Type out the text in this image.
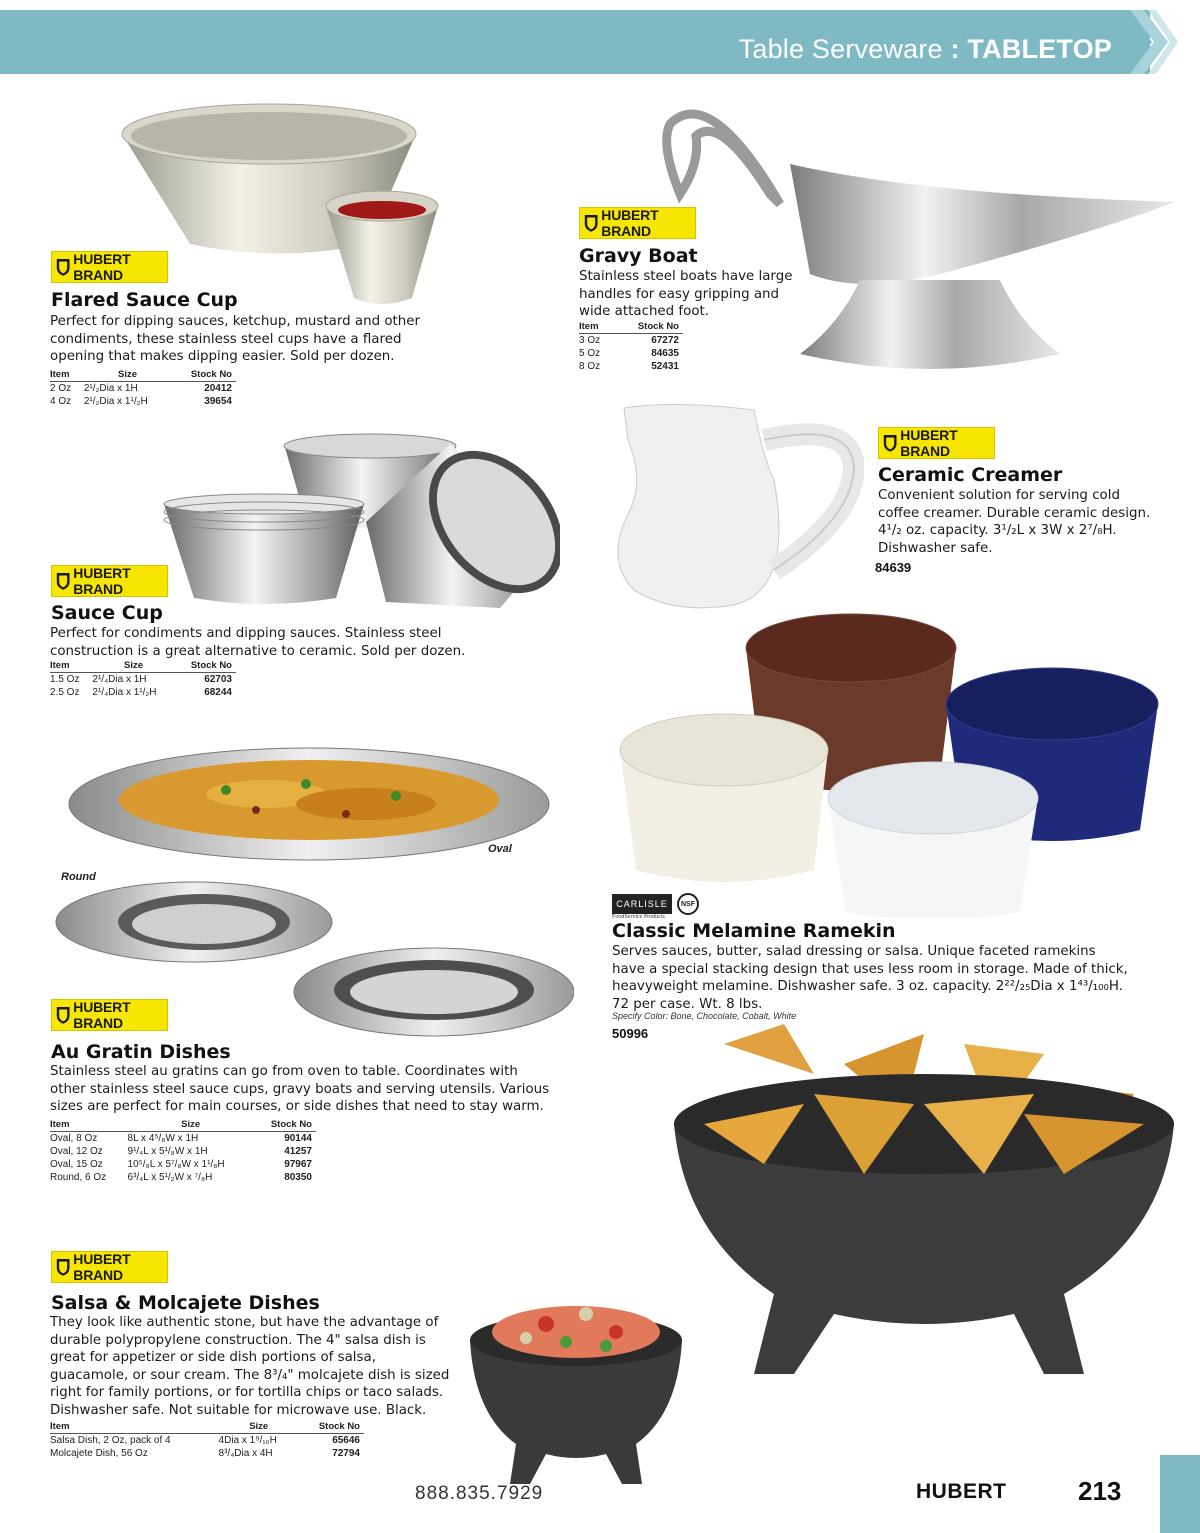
Table Serveware : TABLETOP
HUBERT BRAND
Flared Sauce Cup
Perfect for dipping sauces, ketchup, mustard and other condiments, these stainless steel cups have a flared opening that makes dipping easier. Sold per dozen.
Item	Size	Stock No
2 Oz	2¹/₂Dia x 1H	20412
4 Oz	2¹/₂Dia x 1¹/₂H	39654
HUBERT BRAND
Gravy Boat
Stainless steel boats have large handles for easy gripping and wide attached foot.
Item	Stock No
3 Oz	67272
5 Oz	84635
8 Oz	52431
HUBERT BRAND
Ceramic Creamer
Convenient solution for serving cold coffee creamer. Durable ceramic design. 4¹/₂ oz. capacity. 3¹/₂L x 3W x 2⁷/₈H. Dishwasher safe.
84639
HUBERT BRAND
Sauce Cup
Perfect for condiments and dipping sauces. Stainless steel construction is a great alternative to ceramic. Sold per dozen.
Item	Size	Stock No
1.5 Oz	2¹/₄Dia x 1H	62703
2.5 Oz	2¹/₄Dia x 1¹/₂H	68244
CARLISLE
FoodService Products
NSF
Classic Melamine Ramekin
Serves sauces, butter, salad dressing or salsa. Unique faceted ramekins have a special stacking design that uses less room in storage. Made of thick, heavyweight melamine. Dishwasher safe. 3 oz. capacity. 2²²/₂₅Dia x 1⁴³/₁₀₀H. 72 per case. Wt. 8 lbs.
Specify Color: Bone, Chocolate, Cobalt, White
50996
Oval
Round
HUBERT BRAND
Au Gratin Dishes
Stainless steel au gratins can go from oven to table. Coordinates with other stainless steel sauce cups, gravy boats and serving utensils. Various sizes are perfect for main courses, or side dishes that need to stay warm.
Item	Size	Stock No
Oval, 8 Oz	8L x 4⁵/₈W x 1H	90144
Oval, 12 Oz	9¹/₄L x 5¹/₈W x 1H	41257
Oval, 15 Oz	10⁵/₈L x 5⁷/₈W x 1¹/₈H	97967
Round, 6 Oz	6³/₄L x 5¹/₂W x ⁷/₈H	80350
HUBERT BRAND
Salsa & Molcajete Dishes
They look like authentic stone, but have the advantage of durable polypropylene construction. The 4" salsa dish is great for appetizer or side dish portions of salsa, guacamole, or sour cream. The 8³/₄" molcajete dish is sized right for family portions, or for tortilla chips or taco salads. Dishwasher safe. Not suitable for microwave use. Black.
Item	Size	Stock No
Salsa Dish, 2 Oz, pack of 4	4Dia x 1⁹/₁₆H	65646
Molcajete Dish, 56 Oz	8³/₄Dia x 4H	72794
888.835.7929	HUBERT	213
